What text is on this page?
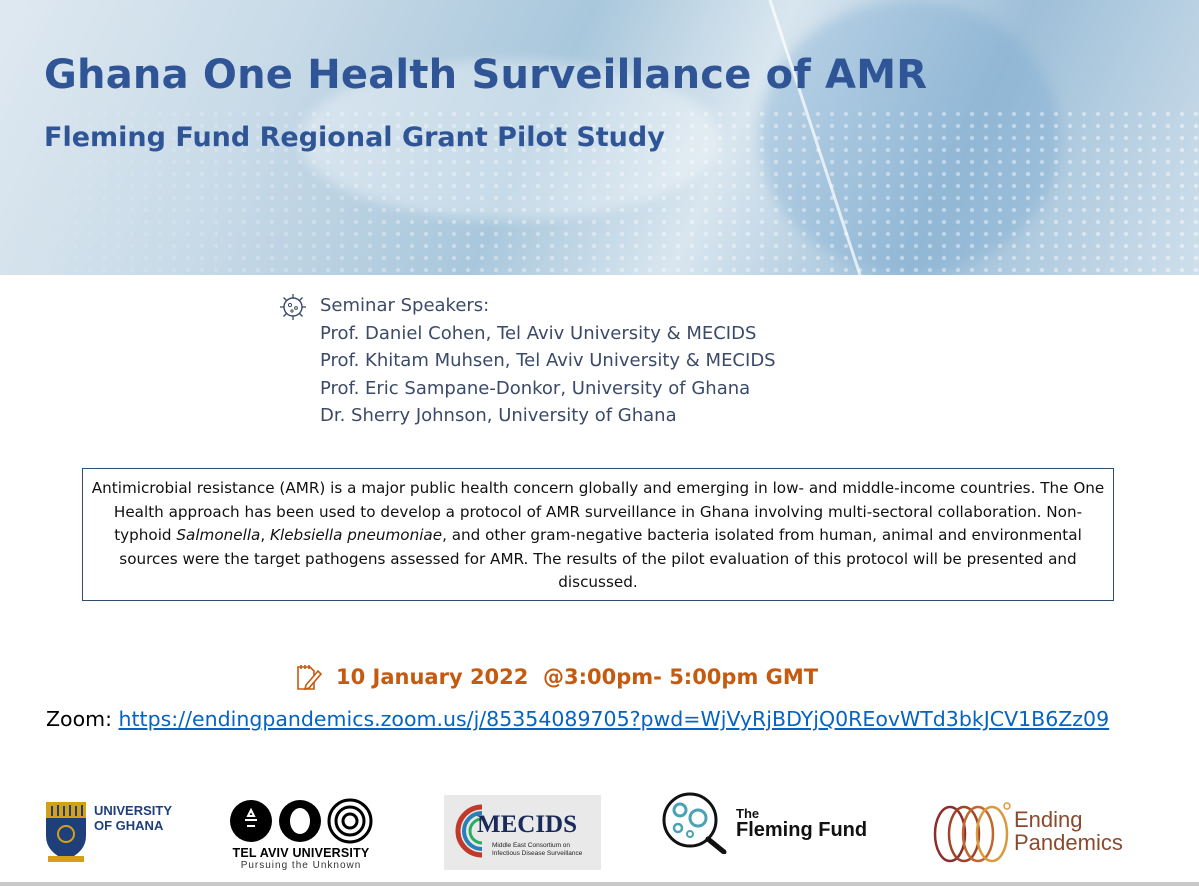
Ghana One Health Surveillance of AMR
Fleming Fund Regional Grant Pilot Study
Seminar Speakers:
Prof. Daniel Cohen, Tel Aviv University & MECIDS
Prof. Khitam Muhsen, Tel Aviv University & MECIDS
Prof. Eric Sampane-Donkor, University of Ghana
Dr. Sherry Johnson, University of Ghana
Antimicrobial resistance (AMR) is a major public health concern globally and emerging in low- and middle-income countries. The One Health approach has been used to develop a protocol of AMR surveillance in Ghana involving multi-sectoral collaboration. Non-typhoid Salmonella, Klebsiella pneumoniae, and other gram-negative bacteria isolated from human, animal and environmental sources were the target pathogens assessed for AMR. The results of the pilot evaluation of this protocol will be presented and discussed.
10 January 2022  @3:00pm- 5:00pm GMT
Zoom: https://endingpandemics.zoom.us/j/85354089705?pwd=WjVyRjBDYjQ0REovWTd3bkJCV1B6Zz09
UNIVERSITY
OF GHANA
TEL AVIV UNIVERSITY
Pursuing the Unknown
MECIDS
Middle East Consortium on
Infectious Disease Surveillance
The
Fleming Fund	Ending
Pandemics
